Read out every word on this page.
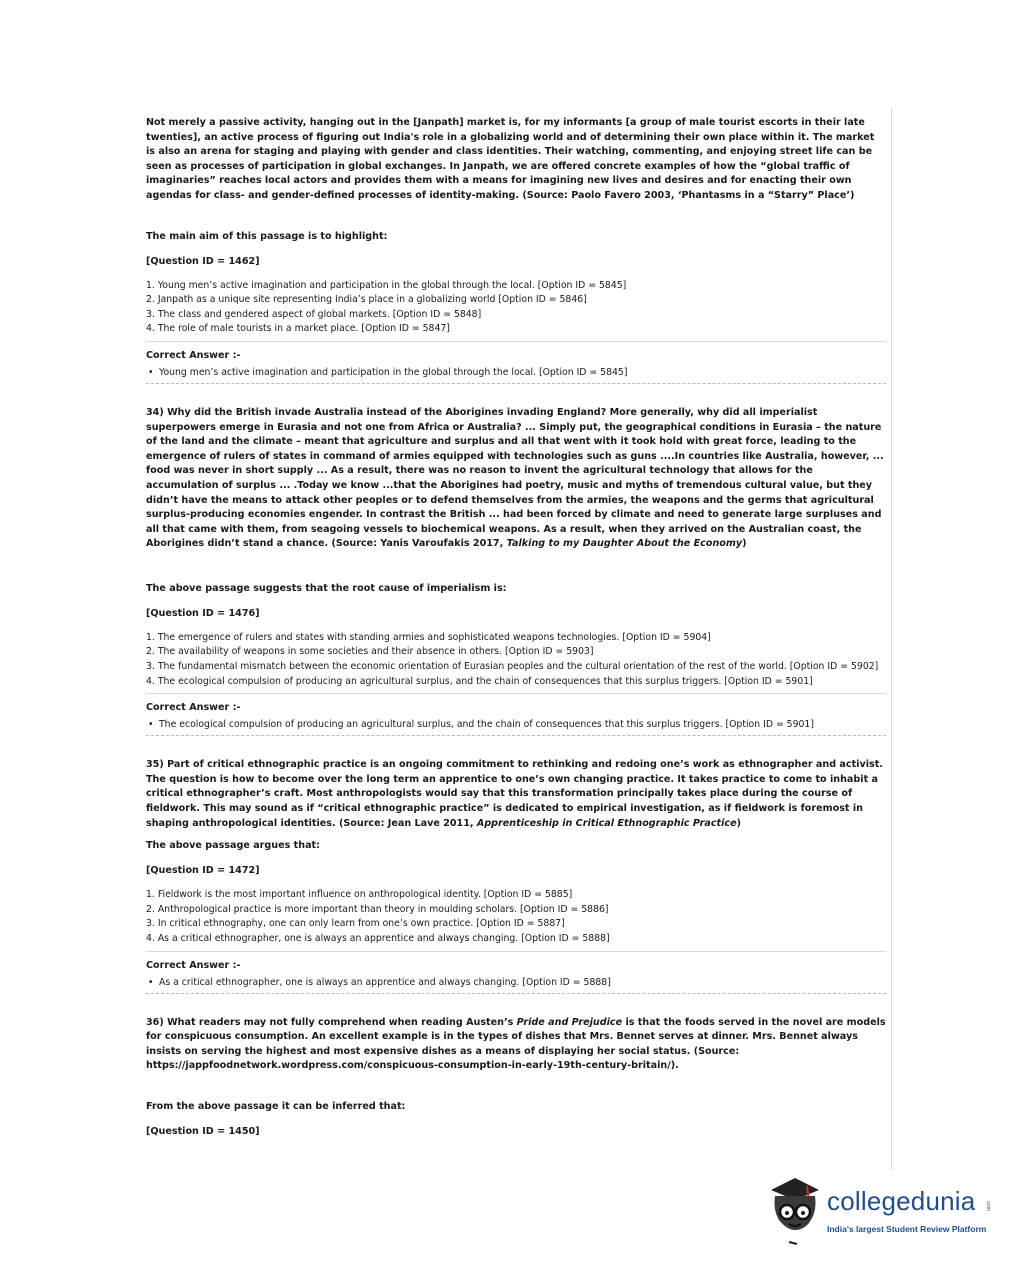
Not merely a passive activity, hanging out in the [Janpath] market is, for my informants [a group of male tourist escorts in their late twenties], an active process of figuring out India's role in a globalizing world and of determining their own place within it. The market is also an arena for staging and playing with gender and class identities. Their watching, commenting, and enjoying street life can be seen as processes of participation in global exchanges. In Janpath, we are offered concrete examples of how the “global traffic of imaginaries” reaches local actors and provides them with a means for imagining new lives and desires and for enacting their own agendas for class- and gender-defined processes of identity-making. (Source: Paolo Favero 2003, ‘Phantasms in a “Starry” Place’)

The main aim of this passage is to highlight:

[Question ID = 1462]

1. Young men’s active imagination and participation in the global through the local. [Option ID = 5845]
2. Janpath as a unique site representing India’s place in a globalizing world [Option ID = 5846]
3. The class and gendered aspect of global markets. [Option ID = 5848]
4. The role of male tourists in a market place. [Option ID = 5847]

Correct Answer :-

• Young men’s active imagination and participation in the global through the local. [Option ID = 5845]

34) Why did the British invade Australia instead of the Aborigines invading England? More generally, why did all imperialist superpowers emerge in Eurasia and not one from Africa or Australia? ... Simply put, the geographical conditions in Eurasia – the nature of the land and the climate – meant that agriculture and surplus and all that went with it took hold with great force, leading to the emergence of rulers of states in command of armies equipped with technologies such as guns ....In countries like Australia, however, ... food was never in short supply ... As a result, there was no reason to invent the agricultural technology that allows for the accumulation of surplus ... .Today we know ...that the Aborigines had poetry, music and myths of tremendous cultural value, but they didn’t have the means to attack other peoples or to defend themselves from the armies, the weapons and the germs that agricultural surplus-producing economies engender. In contrast the British ... had been forced by climate and need to generate large surpluses and all that came with them, from seagoing vessels to biochemical weapons. As a result, when they arrived on the Australian coast, the Aborigines didn’t stand a chance. (Source: Yanis Varoufakis 2017, Talking to my Daughter About the Economy)

The above passage suggests that the root cause of imperialism is:

[Question ID = 1476]

1. The emergence of rulers and states with standing armies and sophisticated weapons technologies. [Option ID = 5904]
2. The availability of weapons in some societies and their absence in others. [Option ID = 5903]
3. The fundamental mismatch between the economic orientation of Eurasian peoples and the cultural orientation of the rest of the world. [Option ID = 5902]
4. The ecological compulsion of producing an agricultural surplus, and the chain of consequences that this surplus triggers. [Option ID = 5901]

Correct Answer :-

• The ecological compulsion of producing an agricultural surplus, and the chain of consequences that this surplus triggers. [Option ID = 5901]

35) Part of critical ethnographic practice is an ongoing commitment to rethinking and redoing one’s work as ethnographer and activist. The question is how to become over the long term an apprentice to one’s own changing practice. It takes practice to come to inhabit a critical ethnographer’s craft. Most anthropologists would say that this transformation principally takes place during the course of fieldwork. This may sound as if “critical ethnographic practice” is dedicated to empirical investigation, as if fieldwork is foremost in shaping anthropological identities. (Source: Jean Lave 2011, Apprenticeship in Critical Ethnographic Practice)

The above passage argues that:

[Question ID = 1472]

1. Fieldwork is the most important influence on anthropological identity. [Option ID = 5885]
2. Anthropological practice is more important than theory in moulding scholars. [Option ID = 5886]
3. In critical ethnography, one can only learn from one’s own practice. [Option ID = 5887]
4. As a critical ethnographer, one is always an apprentice and always changing. [Option ID = 5888]

Correct Answer :-

• As a critical ethnographer, one is always an apprentice and always changing. [Option ID = 5888]

36) What readers may not fully comprehend when reading Austen’s Pride and Prejudice is that the foods served in the novel are models for conspicuous consumption. An excellent example is in the types of dishes that Mrs. Bennet serves at dinner. Mrs. Bennet always insists on serving the highest and most expensive dishes as a means of displaying her social status. (Source: https://jappfoodnetwork.wordpress.com/conspicuous-consumption-in-early-19th-century-britain/).

From the above passage it can be inferred that:

[Question ID = 1450]

collegedunia .com
India's largest Student Review Platform
